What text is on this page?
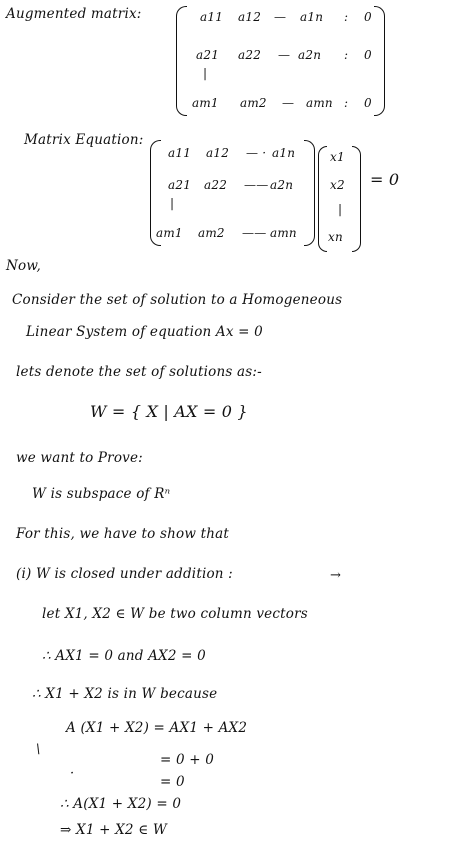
Augmented matrix:	a11 a12 — a1n : 0
a21 a22 — a2n : 0
|
am1 am2 — amn : 0
Matrix Equation:
a11 a12 — · a1n
a21 a22 —— a2n
|
am1 am2 —— amn
x1
x2
|
xn
= 0
Now,
Consider the set of solution to a Homogeneous
Linear System of equation Ax = 0
lets denote the set of solutions as:-
W = { X | AX = 0 }
we want to Prove:
W is subspace of Rⁿ
For this, we have to show that
(i) W is closed under addition :	→
let X1, X2 ∈ W be two column vectors
∴ AX1 = 0 and AX2 = 0
∴ X1 + X2 is in W because
A (X1 + X2) = AX1 + AX2
= 0 + 0
= 0
∴ A(X1 + X2) = 0
⇒ X1 + X2 ∈ W
\
·
